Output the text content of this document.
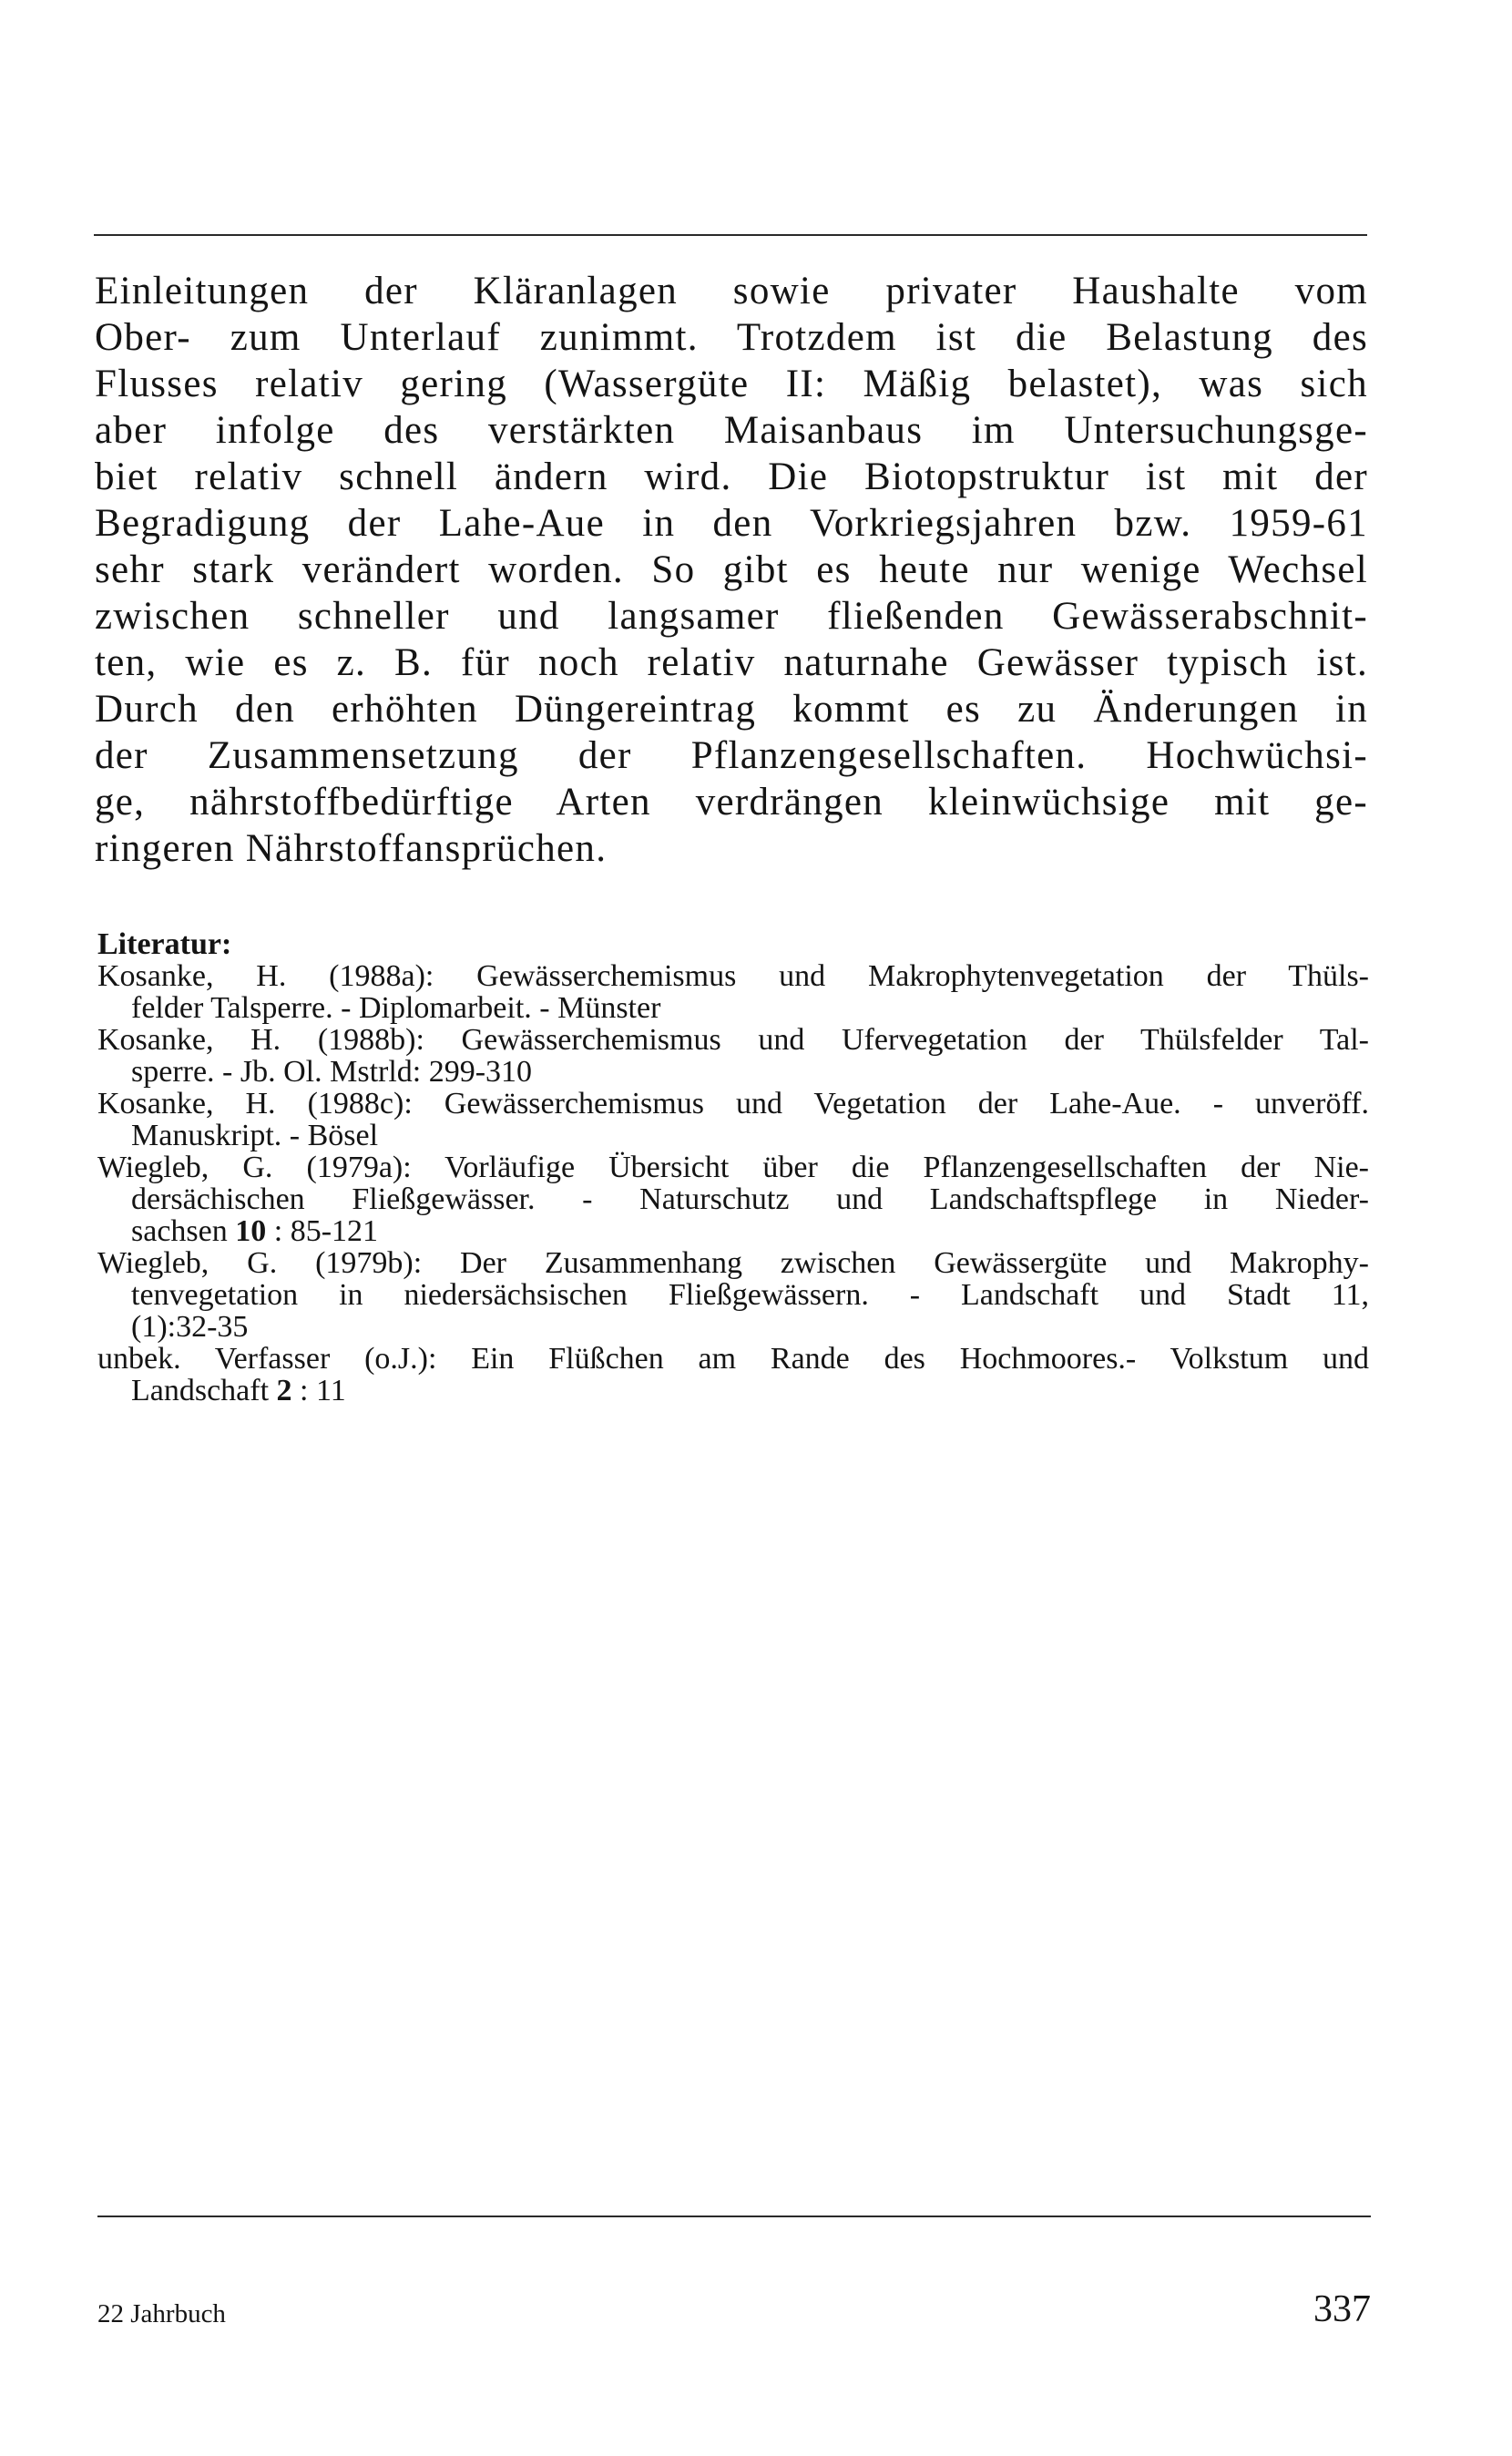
Einleitungen der Kläranlagen sowie privater Haushalte vom
Ober- zum Unterlauf zunimmt. Trotzdem ist die Belastung des
Flusses relativ gering (Wassergüte II: Mäßig belastet), was sich
aber infolge des verstärkten Maisanbaus im Untersuchungsge-
biet relativ schnell ändern wird. Die Biotopstruktur ist mit der
Begradigung der Lahe-Aue in den Vorkriegsjahren bzw. 1959-61
sehr stark verändert worden. So gibt es heute nur wenige Wechsel
zwischen schneller und langsamer fließenden Gewässerabschnit-
ten, wie es z. B. für noch relativ naturnahe Gewässer typisch ist.
Durch den erhöhten Düngereintrag kommt es zu Änderungen in
der Zusammensetzung der Pflanzengesellschaften. Hochwüchsi-
ge, nährstoffbedürftige Arten verdrängen kleinwüchsige mit ge-
ringeren Nährstoffansprüchen.
Literatur:
Kosanke, H. (1988a): Gewässerchemismus und Makrophytenvegetation der Thüls-
felder Talsperre. - Diplomarbeit. - Münster
Kosanke, H. (1988b): Gewässerchemismus und Ufervegetation der Thülsfelder Tal-
sperre. - Jb. Ol. Mstrld: 299-310
Kosanke, H. (1988c): Gewässerchemismus und Vegetation der Lahe-Aue. - unveröff.
Manuskript. - Bösel
Wiegleb, G. (1979a): Vorläufige Übersicht über die Pflanzengesellschaften der Nie-
dersächischen Fließgewässer. - Naturschutz und Landschaftspflege in Nieder-
sachsen 10 : 85-121
Wiegleb, G. (1979b): Der Zusammenhang zwischen Gewässergüte und Makrophy-
tenvegetation in niedersächsischen Fließgewässern. - Landschaft und Stadt 11,
(1):32-35
unbek. Verfasser (o.J.): Ein Flüßchen am Rande des Hochmoores.- Volkstum und
Landschaft 2 : 11
22 Jahrbuch	337
